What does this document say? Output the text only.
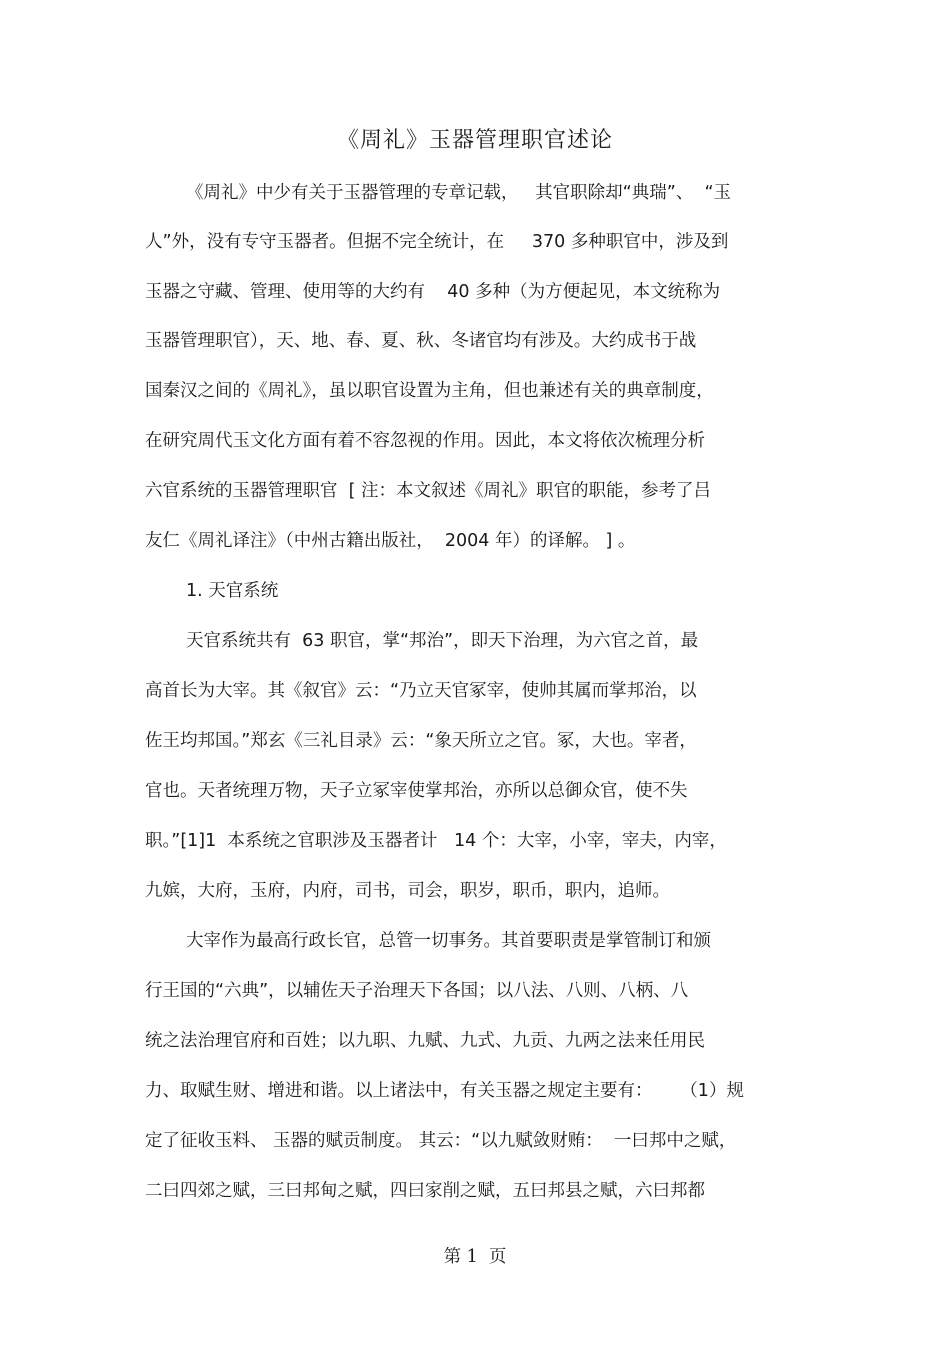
《周礼》玉器管理职官述论
《周礼》中少有关于玉器管理的专章记载，   其官职除却“典瑞”、  “玉
人”外，没有专守玉器者。但据不完全统计，在     370 多种职官中，涉及到
玉器之守藏、管理、使用等的大约有    40 多种（为方便起见，本文统称为
玉器管理职官），天、地、春、夏、秋、冬诸官均有涉及。大约成书于战
国秦汉之间的《周礼》，虽以职官设置为主角，但也兼述有关的典章制度，
在研究周代玉文化方面有着不容忽视的作用。因此，本文将依次梳理分析
六官系统的玉器管理职官  [ 注：本文叙述《周礼》职官的职能，参考了吕
友仁《周礼译注》（中州古籍出版社，  2004 年）的译解。 ] 。
1. 天官系统
天官系统共有  63 职官，掌“邦治”，即天下治理，为六官之首，最
高首长为大宰。其《叙官》云：“乃立天官冢宰，使帅其属而掌邦治，以
佐王均邦国。”郑玄《三礼目录》云：“象天所立之官。冢，大也。宰者，
官也。天者统理万物，天子立冢宰使掌邦治，亦所以总御众官，使不失
职。”[1]1  本系统之官职涉及玉器者计   14 个：大宰，小宰，宰夫，内宰，
九嫔，大府，玉府，内府，司书，司会，职岁，职币，职内，追师。
大宰作为最高行政长官，总管一切事务。其首要职责是掌管制订和颁
行王国的“六典”，以辅佐天子治理天下各国；以八法、八则、八柄、八
统之法治理官府和百姓；以九职、九赋、九式、九贡、九两之法来任用民
力、取赋生财、增进和谐。以上诸法中，有关玉器之规定主要有：     （1）规
定了征收玉料、 玉器的赋贡制度。 其云：“以九赋敛财贿：  一曰邦中之赋，
二曰四郊之赋，三曰邦甸之赋，四曰家削之赋，五曰邦县之赋，六曰邦都
第 1  页
